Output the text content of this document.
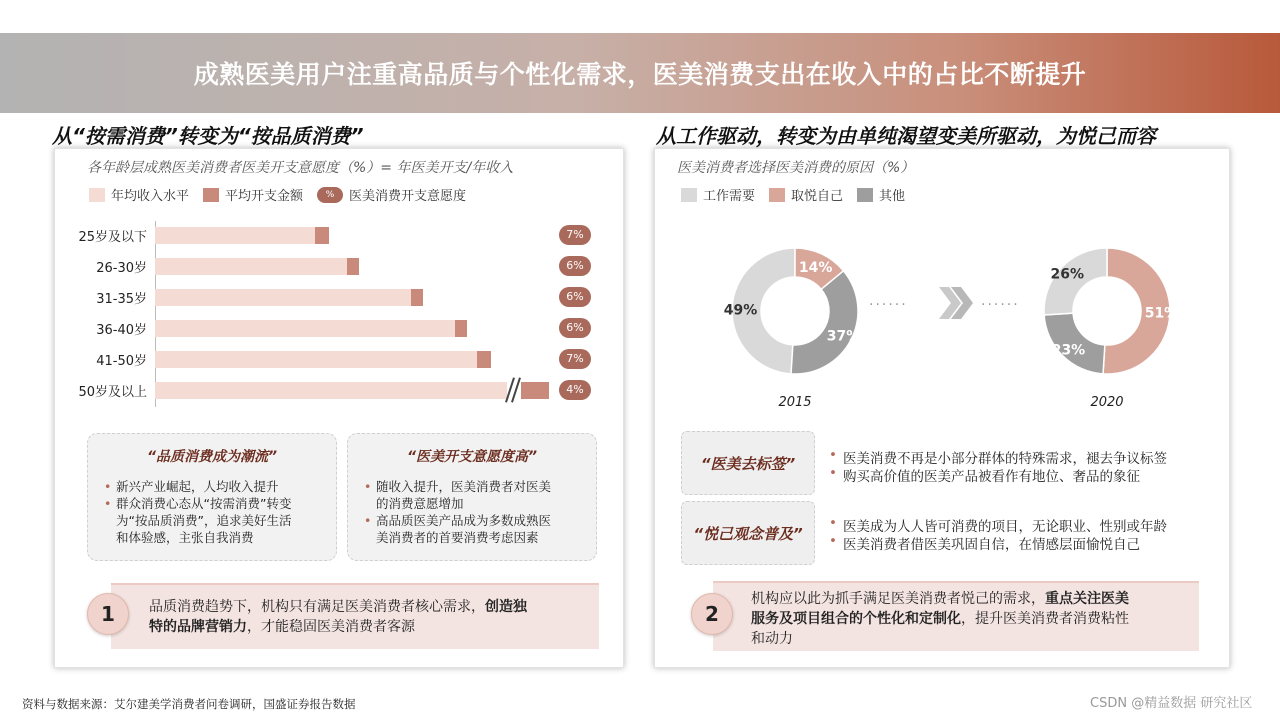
成熟医美用户注重高品质与个性化需求，医美消费支出在收入中的占比不断提升
从“按需消费”转变为“按品质消费”
各年龄层成熟医美消费者医美开支意愿度（%）= 年医美开支/年收入
年均收入水平	平均开支金额	%	医美消费开支意愿度
25岁及以下	7%
26-30岁	6%
31-35岁	6%
36-40岁	6%
41-50岁	7%
50岁及以上	4%
“品质消费成为潮流”
• 新兴产业崛起，人均收入提升
• 群众消费心态从“按需消费”转变
为“按品质消费”，追求美好生活
和体验感，主张自我消费
“医美开支意愿度高”
• 随收入提升，医美消费者对医美
的消费意愿增加
• 高品质医美产品成为多数成熟医
美消费者的首要消费考虑因素
品质消费趋势下，机构只有满足医美消费者核心需求，创造独
特的品牌营销力，才能稳固医美消费者客源
1
从工作驱动，转变为由单纯渴望变美所驱动，为悦己而容
医美消费者选择医美消费的原因（%）
工作需要	取悦自己	其他
49%
14%
37%
2015
51%
23%
26%
2020
······	······
“医美去标签”	• 医美消费不再是小部分群体的特殊需求，褪去争议标签
• 购买高价值的医美产品被看作有地位、奢品的象征
“悦己观念普及”	• 医美成为人人皆可消费的项目，无论职业、性别或年龄
• 医美消费者借医美巩固自信，在情感层面愉悦自己
机构应以此为抓手满足医美消费者悦己的需求，重点关注医美
服务及项目组合的个性化和定制化，提升医美消费者消费粘性
和动力
2
资料与数据来源：艾尔建美学消费者问卷调研，国盛证券报告数据	CSDN @精益数据 研究社区
